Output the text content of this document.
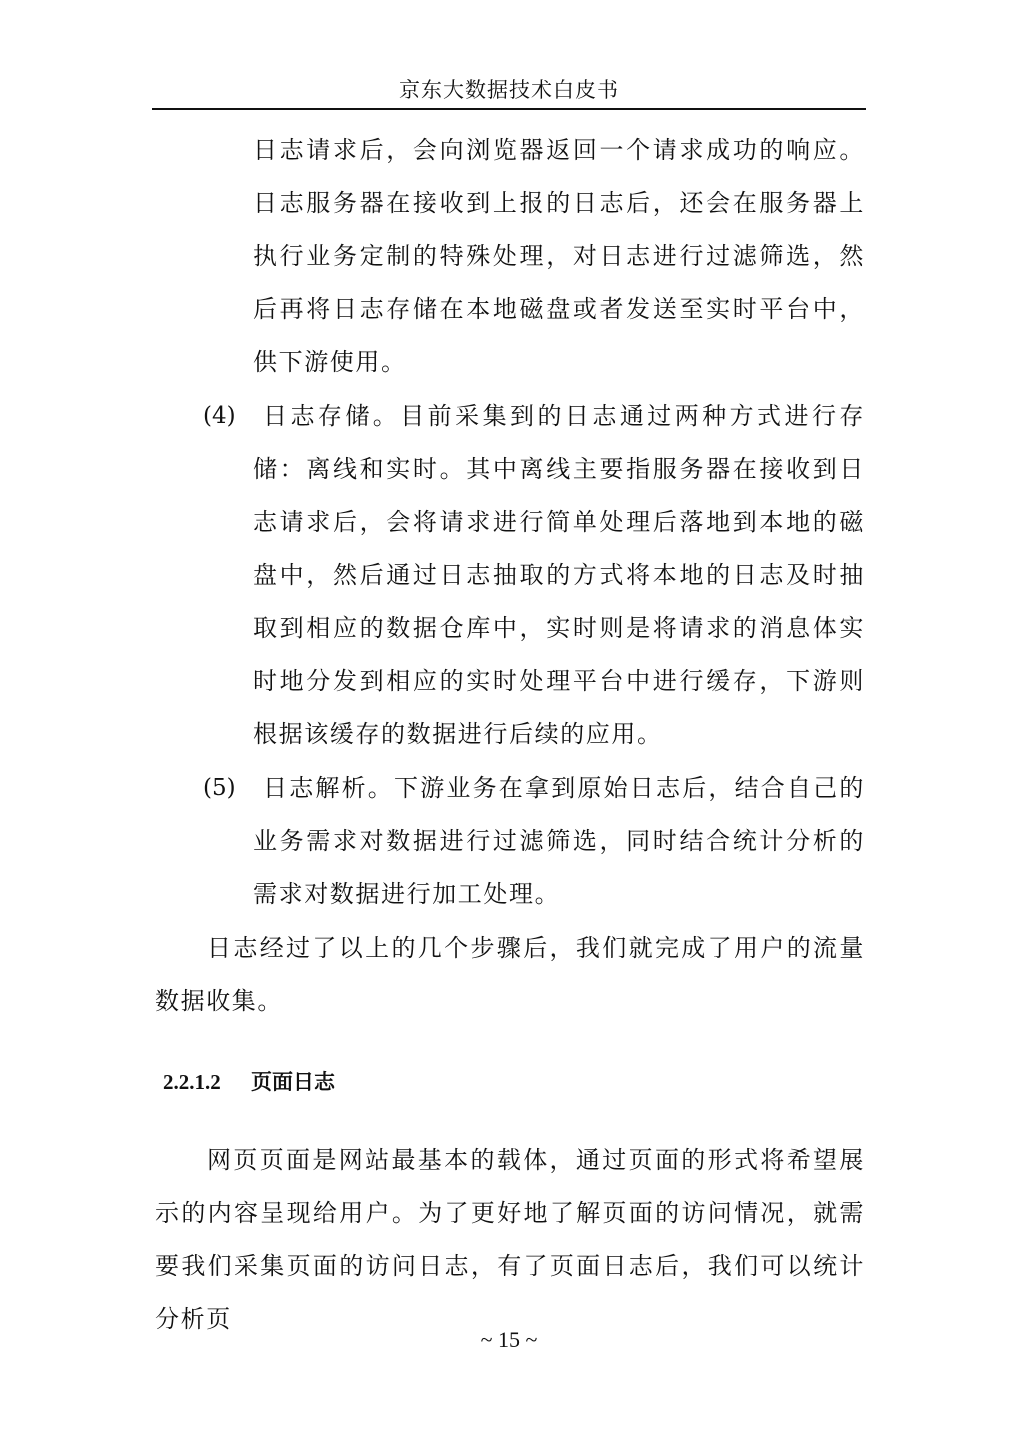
京东大数据技术白皮书

日志请求后，会向浏览器返回一个请求成功的响应。日志服务器在接收到上报的日志后，还会在服务器上执行业务定制的特殊处理，对日志进行过滤筛选，然后再将日志存储在本地磁盘或者发送至实时平台中，供下游使用。

(4)	日志存储。目前采集到的日志通过两种方式进行存储：离线和实时。其中离线主要指服务器在接收到日志请求后，会将请求进行简单处理后落地到本地的磁盘中，然后通过日志抽取的方式将本地的日志及时抽取到相应的数据仓库中，实时则是将请求的消息体实时地分发到相应的实时处理平台中进行缓存，下游则根据该缓存的数据进行后续的应用。

(5)	日志解析。下游业务在拿到原始日志后，结合自己的业务需求对数据进行过滤筛选，同时结合统计分析的需求对数据进行加工处理。

日志经过了以上的几个步骤后，我们就完成了用户的流量数据收集。

2.2.1.2 页面日志

网页页面是网站最基本的载体，通过页面的形式将希望展示的内容呈现给用户。为了更好地了解页面的访问情况，就需要我们采集页面的访问日志，有了页面日志后，我们可以统计分析页

~ 15 ~
